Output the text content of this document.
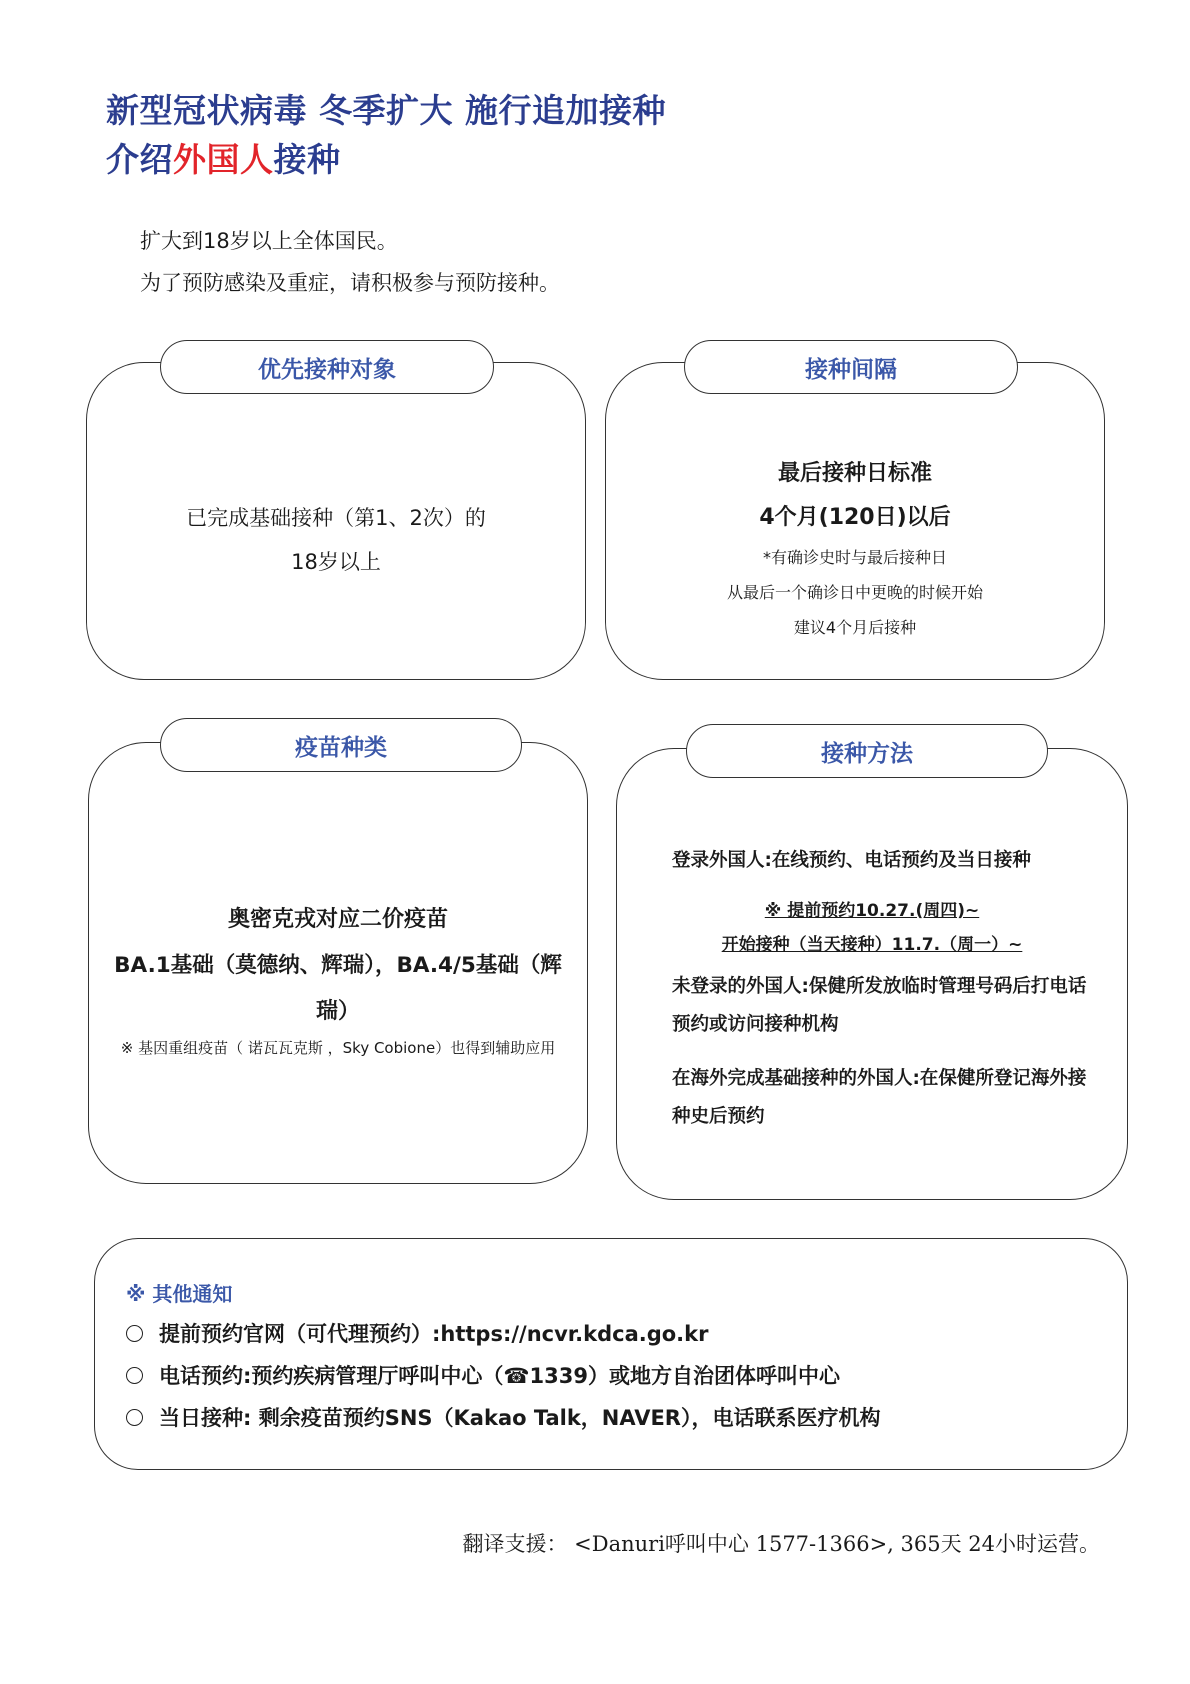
新型冠状病毒 冬季扩大 施行追加接种
介绍外国人接种
扩大到18岁以上全体国民。
为了预防感染及重症，请积极参与预防接种。
优先接种对象
已完成基础接种（第1、2次）的
18岁以上
接种间隔
最后接种日标准
4个月(120日)以后
*有确诊史时与最后接种日
从最后一个确诊日中更晚的时候开始
建议4个月后接种
疫苗种类
奥密克戎对应二价疫苗
BA.1基础（莫德纳、辉瑞），BA.4/5基础（辉
瑞）
※ 基因重组疫苗（ 诺瓦瓦克斯 ，Sky Cobione）也得到辅助应用
接种方法
登录外国人:在线预约、电话预约及当日接种
※ 提前预约10.27.(周四)~
开始接种（当天接种）11.7.（周一）~
未登录的外国人:保健所发放临时管理号码后打电话
预约或访问接种机构
在海外完成基础接种的外国人:在保健所登记海外接
种史后预约
※ 其他通知
提前预约官网（可代理预约）:https://ncvr.kdca.go.kr
电话预约:预约疾病管理厅呼叫中心（☎1339）或地方自治团体呼叫中心
当日接种: 剩余疫苗预约SNS（Kakao Talk，NAVER），电话联系医疗机构
翻译支援： <Danuri呼叫中心 1577-1366>, 365天 24小时运营。
